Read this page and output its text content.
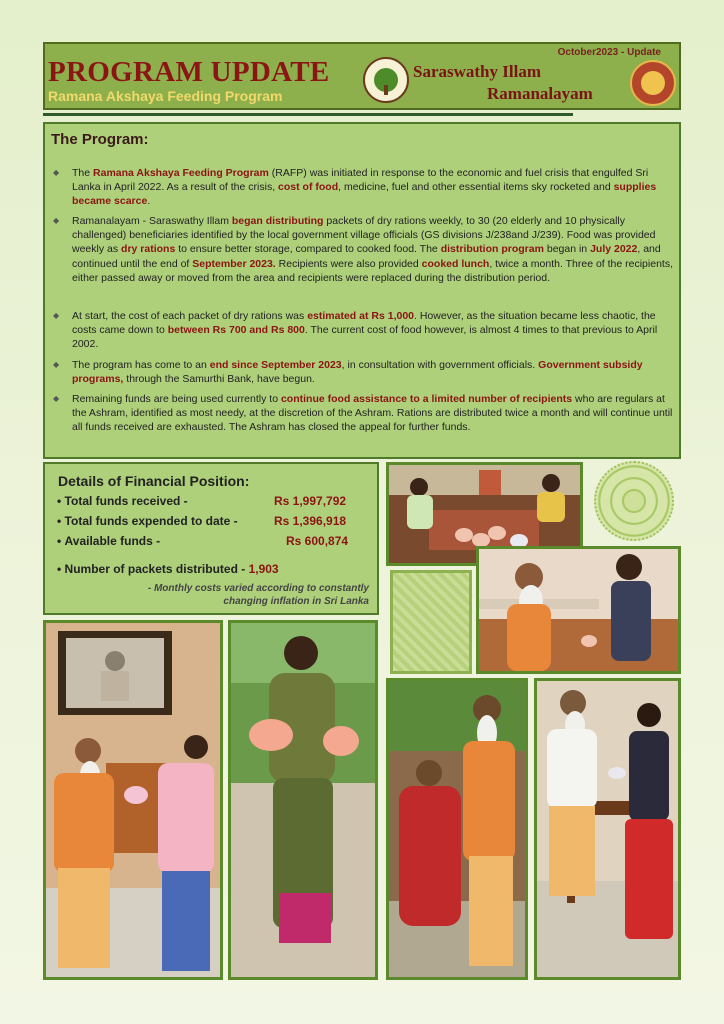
October2023 - Update
PROGRAM UPDATE
Ramana Akshaya Feeding Program
Saraswathy Illam
Ramanalayam
The Program:
◆ The Ramana Akshaya Feeding Program (RAFP) was initiated in response to the economic and fuel crisis that engulfed Sri Lanka in April 2022. As a result of the crisis, cost of food, medicine, fuel and other essential items sky rocketed and supplies became scarce.
◆ Ramanalayam - Saraswathy Illam began distributing packets of dry rations weekly, to 30 (20 elderly and 10 physically challenged) beneficiaries identified by the local government village officials (GS divisions J/238and J/239). Food was provided weekly as dry rations to ensure better storage, compared to cooked food. The distribution program began in July 2022, and continued until the end of September 2023. Recipients were also provided cooked lunch, twice a month. Three of the recipients, either passed away or moved from the area and recipients were replaced during the distribution period.
◆ At start, the cost of each packet of dry rations was estimated at Rs 1,000. However, as the situation became less chaotic, the costs came down to between Rs 700 and Rs 800. The current cost of food however, is almost 4 times to that previous to April 2002.
◆ The program has come to an end since September 2023, in consultation with government officials. Government subsidy programs, through the Samurthi Bank, have begun.
◆ Remaining funds are being used currently to continue food assistance to a limited number of recipients who are regulars at the Ashram, identified as most needy, at the discretion of the Ashram. Rations are distributed twice a month and will continue until all funds received are exhausted. The Ashram has closed the appeal for further funds.
Details of Financial Position:
• Total funds received -	Rs 1,997,792
• Total funds expended to date -	Rs 1,396,918
• Available funds -	Rs 600,874
• Number of packets distributed - 1,903
- Monthly costs varied according to constantly changing inflation in Sri Lanka
